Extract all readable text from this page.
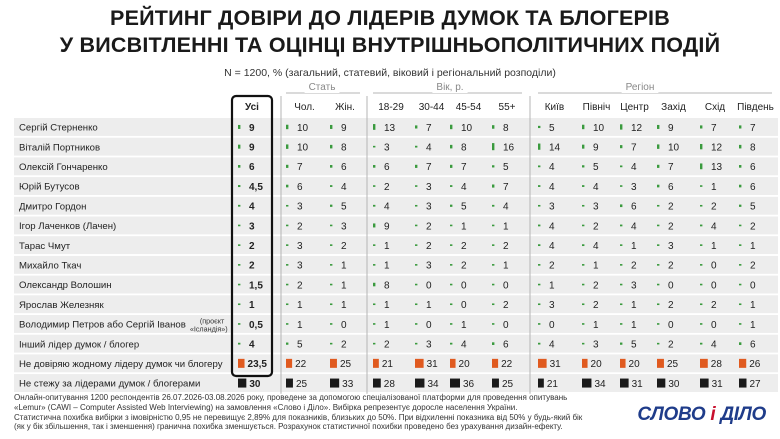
РЕЙТИНГ ДОВІРИ ДО ЛІДЕРІВ ДУМОК ТА БЛОГЕРІВ
У ВИСВІТЛЕННІ ТА ОЦІНЦІ ВНУТРІШНЬОПОЛІТИЧНИХ ПОДІЙ
N = 1200, % (загальний, статевий, віковий і регіональний розподіли)
Стать	Вік, р.	Регіон
Усі	Чол. Жін. 18-29 30-44 45-54 55+	Київ Північ Центр Захід Схід Південь
Сергій Стерненко	9	10	9	13	7	10	8	5	10	12	9	7	7
Віталій Портников	9	10	8	3	4	8	16	14	9	7	10	12	8
Олексій Гончаренко	6	7	6	6	7	7	5	4	5	4	7	13	6
Юрій Бутусов	4,5	6	4	2	3	4	7	4	4	3	6	1	6
Дмитро Гордон	4	3	5	4	3	5	4	3	3	6	2	2	5
Ігор Лаченков (Лачен)	3	2	3	9	2	1	1	4	2	4	2	4	2
Тарас Чмут	2	3	2	1	2	2	2	4	4	1	3	1	1
Михайло Ткач	2	3	1	1	3	2	1	2	1	2	2	0	2
Олександр Волошин	1,5	2	1	8	0	0	0	1	2	3	0	0	0
Ярослав Железняк	1	1	1	1	1	0	2	3	2	1	2	2	1
Володимир Петров або Сергій Іванов	(проєкт «Ісландія») 0,5	1	0	1	0	1	0	0	1	1	0	0	1
Інший лідер думок / блогер	4	5	2	2	3	4	6	4	3	5	2	4	6
Не довіряю жодному лідеру думок чи блогеру 23,5	22	25	21	31 20	22	31	20	20	25	28	26
Не стежу за лідерами думок / блогерами	30	25	33	28	34 36	25	21	34	31	30	31	27
Онлайн-опитування 1200 респондентів 26.07.2026-03.08.2026 року, проведене за допомогою спеціалізованої платформи для проведення опитувань
«Lemur» (CAWI – Computer Assisted Web Interviewing) на замовлення «Слово і Діло». Вибірка репрезентує доросле населення України.
Статистична похибка вибірки з імовірністю 0,95 не перевищує 2,89% для показників, близьких до 50%. При відхиленні показника від 50% у будь-який бік
(як у бік збільшення, так і зменшення) гранична похибка зменшується. Розрахунок статистичної похибки проведено без урахування дизайн-ефекту.
СЛОВО і ДІЛО
